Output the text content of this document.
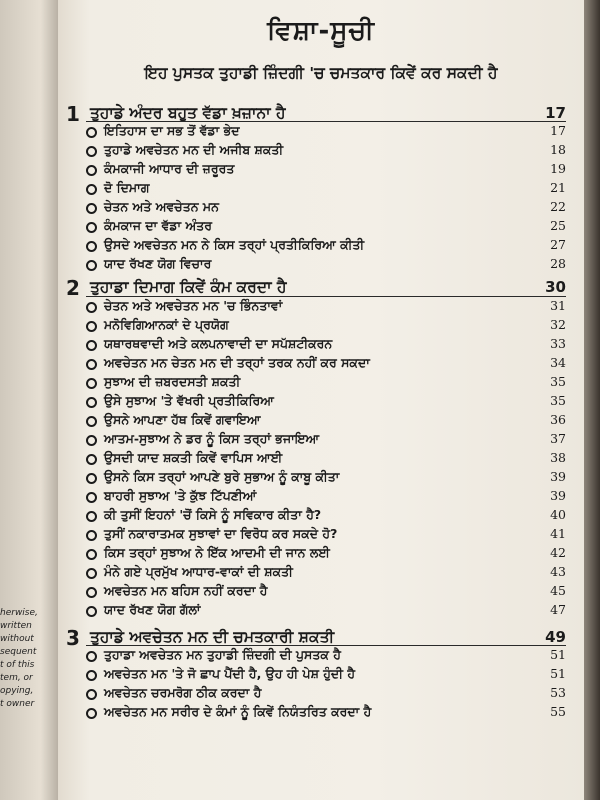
herwise,
written
without
sequent
t of this
tem, or
opying,
t owner
ਵਿਸ਼ਾ-ਸੂਚੀ
ਇਹ ਪੁਸਤਕ ਤੁਹਾਡੀ ਜ਼ਿੰਦਗੀ 'ਚ ਚਮਤਕਾਰ ਕਿਵੇਂ ਕਰ ਸਕਦੀ ਹੈ
1 ਤੁਹਾਡੇ ਅੰਦਰ ਬਹੁਤ ਵੱਡਾ ਖ਼ਜ਼ਾਨਾ ਹੈ	17
ਇਤਿਹਾਸ ਦਾ ਸਭ ਤੋਂ ਵੱਡਾ ਭੇਦ	17
ਤੁਹਾਡੇ ਅਵਚੇਤਨ ਮਨ ਦੀ ਅਜੀਬ ਸ਼ਕਤੀ	18
ਕੰਮਕਾਜੀ ਆਧਾਰ ਦੀ ਜ਼ਰੂਰਤ	19
ਦੋ ਦਿਮਾਗ	21
ਚੇਤਨ ਅਤੇ ਅਵਚੇਤਨ ਮਨ	22
ਕੰਮਕਾਜ ਦਾ ਵੱਡਾ ਅੰਤਰ	25
ਉਸਦੇ ਅਵਚੇਤਨ ਮਨ ਨੇ ਕਿਸ ਤਰ੍ਹਾਂ ਪ੍ਰਤੀਕਿਰਿਆ ਕੀਤੀ	27
ਯਾਦ ਰੱਖਣ ਯੋਗ ਵਿਚਾਰ	28
2 ਤੁਹਾਡਾ ਦਿਮਾਗ ਕਿਵੇਂ ਕੰਮ ਕਰਦਾ ਹੈ	30
ਚੇਤਨ ਅਤੇ ਅਵਚੇਤਨ ਮਨ 'ਚ ਭਿੰਨਤਾਵਾਂ	31
ਮਨੋਵਿਗਿਆਨਕਾਂ ਦੇ ਪ੍ਰਯੋਗ	32
ਯਥਾਰਥਵਾਦੀ ਅਤੇ ਕਲਪਨਾਵਾਦੀ ਦਾ ਸਪੱਸ਼ਟੀਕਰਨ	33
ਅਵਚੇਤਨ ਮਨ ਚੇਤਨ ਮਨ ਦੀ ਤਰ੍ਹਾਂ ਤਰਕ ਨਹੀਂ ਕਰ ਸਕਦਾ	34
ਸੁਝਾਅ ਦੀ ਜ਼ਬਰਦਸਤੀ ਸ਼ਕਤੀ	35
ਉਸੇ ਸੁਝਾਅ 'ਤੇ ਵੱਖਰੀ ਪ੍ਰਤੀਕਿਰਿਆ	35
ਉਸਨੇ ਆਪਣਾ ਹੱਥ ਕਿਵੇਂ ਗਵਾਇਆ	36
ਆਤਮ-ਸੁਝਾਅ ਨੇ ਡਰ ਨੂੰ ਕਿਸ ਤਰ੍ਹਾਂ ਭਜਾਇਆ	37
ਉਸਦੀ ਯਾਦ ਸ਼ਕਤੀ ਕਿਵੇਂ ਵਾਪਿਸ ਆਈ	38
ਉਸਨੇ ਕਿਸ ਤਰ੍ਹਾਂ ਆਪਣੇ ਬੁਰੇ ਸੁਭਾਅ ਨੂੰ ਕਾਬੂ ਕੀਤਾ	39
ਬਾਹਰੀ ਸੁਝਾਅ 'ਤੇ ਕੁੱਝ ਟਿੱਪਣੀਆਂ	39
ਕੀ ਤੁਸੀਂ ਇਹਨਾਂ 'ਚੋਂ ਕਿਸੇ ਨੂੰ ਸਵਿਕਾਰ ਕੀਤਾ ਹੈ?	40
ਤੁਸੀਂ ਨਕਾਰਾਤਮਕ ਸੁਝਾਵਾਂ ਦਾ ਵਿਰੋਧ ਕਰ ਸਕਦੇ ਹੋ?	41
ਕਿਸ ਤਰ੍ਹਾਂ ਸੁਝਾਅ ਨੇ ਇੱਕ ਆਦਮੀ ਦੀ ਜਾਨ ਲਈ	42
ਮੰਨੇ ਗਏ ਪ੍ਰਮੁੱਖ ਆਧਾਰ-ਵਾਕਾਂ ਦੀ ਸ਼ਕਤੀ	43
ਅਵਚੇਤਨ ਮਨ ਬਹਿਸ ਨਹੀਂ ਕਰਦਾ ਹੈ	45
ਯਾਦ ਰੱਖਣ ਯੋਗ ਗੱਲਾਂ	47
3 ਤੁਹਾਡੇ ਅਵਚੇਤਨ ਮਨ ਦੀ ਚਮਤਕਾਰੀ ਸ਼ਕਤੀ	49
ਤੁਹਾਡਾ ਅਵਚੇਤਨ ਮਨ ਤੁਹਾਡੀ ਜ਼ਿੰਦਗੀ ਦੀ ਪੁਸਤਕ ਹੈ	51
ਅਵਚੇਤਨ ਮਨ 'ਤੇ ਜੋ ਛਾਪ ਪੈਂਦੀ ਹੈ, ਉਹ ਹੀ ਪੇਸ਼ ਹੁੰਦੀ ਹੈ	51
ਅਵਚੇਤਨ ਚਰਮਰੋਗ ਠੀਕ ਕਰਦਾ ਹੈ	53
ਅਵਚੇਤਨ ਮਨ ਸਰੀਰ ਦੇ ਕੰਮਾਂ ਨੂੰ ਕਿਵੇਂ ਨਿਯੰਤਰਿਤ ਕਰਦਾ ਹੈ	55
